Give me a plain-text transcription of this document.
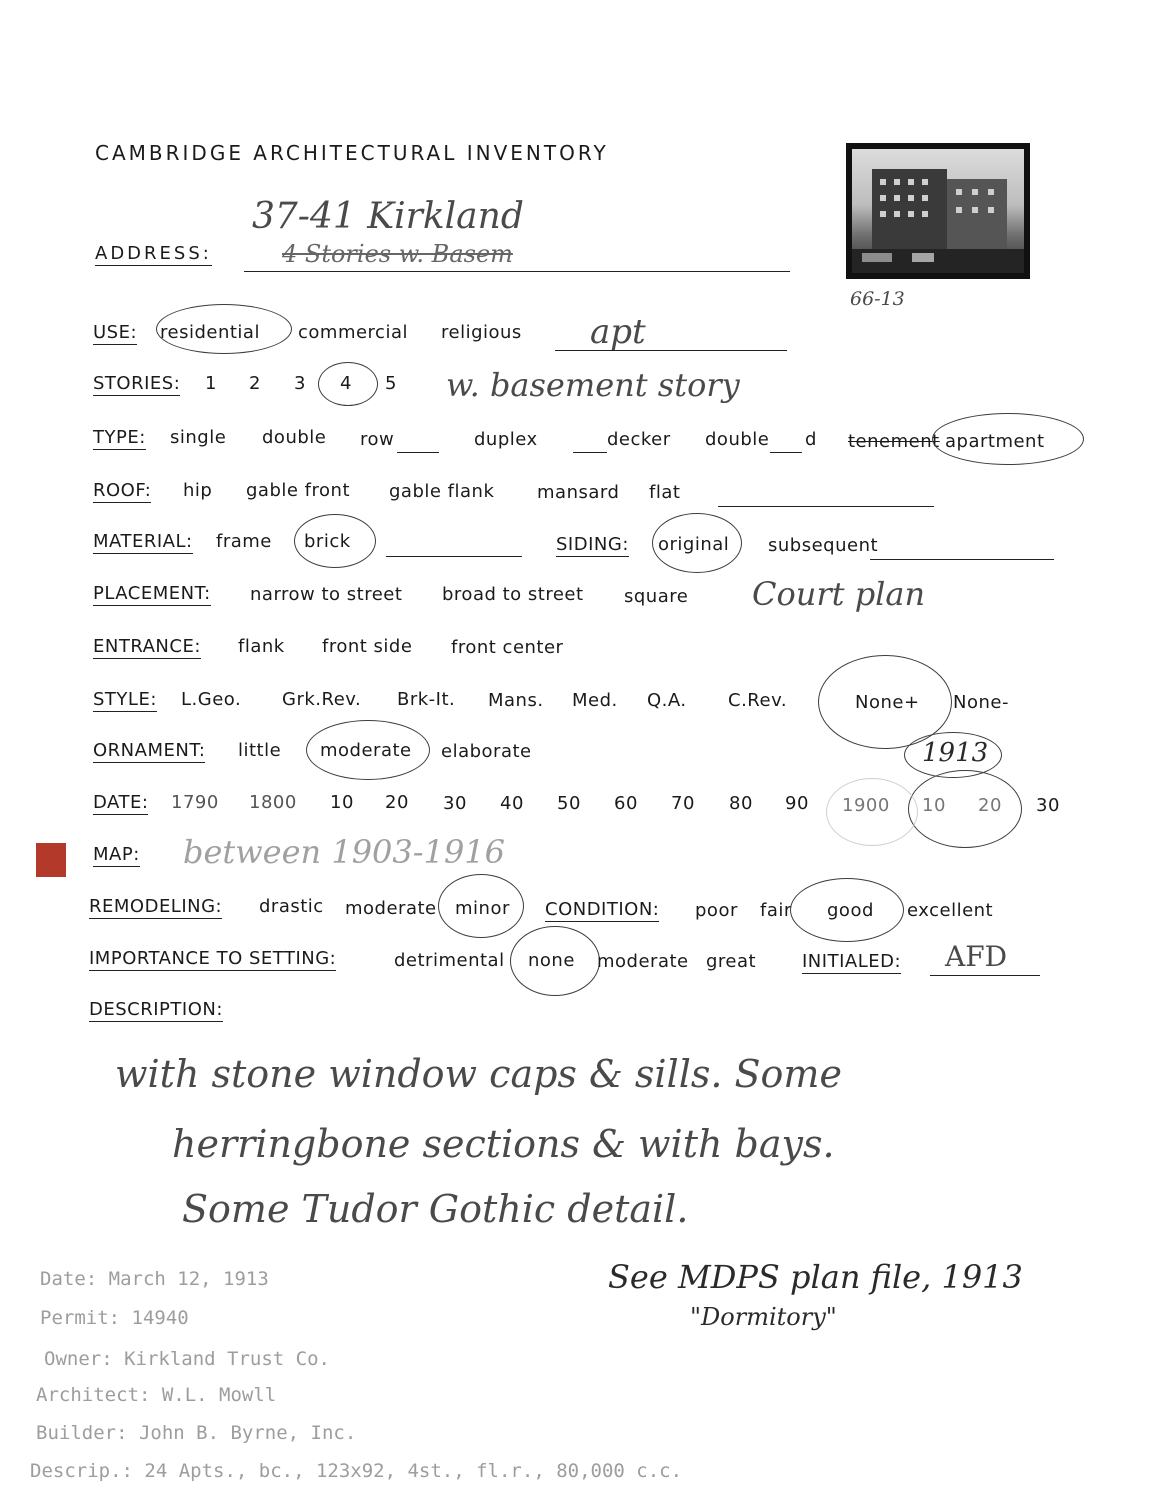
CAMBRIDGE ARCHITECTURAL INVENTORY
66-13
ADDRESS:
37-41 Kirkland
4 Stories w. Basem
USE: residential commercial religious apt
STORIES: 1 2 3 4 5 w. basement story
TYPE: single double row	duplex	decker double d tenement apartment
ROOF: hip gable front gable flank mansard flat
MATERIAL: frame brick	SIDING: original subsequent
PLACEMENT: narrow to street broad to street square Court plan
ENTRANCE: flank front side front center
STYLE: L.Geo. Grk.Rev. Brk-It. Mans. Med. Q.A. C.Rev.	None+ None-
ORNAMENT: little moderate elaborate	1913
DATE: 1790 1800 10 20 30 40 50 60 70 80 90 1900 10 20 30
MAP: between 1903-1916
REMODELING: drastic moderate minor CONDITION: poor fair good excellent
IMPORTANCE TO SETTING:	detrimental none moderate great	INITIALED: AFD
DESCRIPTION:
with stone window caps & sills. Some
herringbone sections & with bays.
Some Tudor Gothic detail.
See MDPS plan file, 1913
"Dormitory"
Date: March 12, 1913
Permit: 14940
Owner: Kirkland Trust Co.
Architect: W.L. Mowll
Builder: John B. Byrne, Inc.
Descrip.: 24 Apts., bc., 123x92, 4st., fl.r., 80,000 c.c.
